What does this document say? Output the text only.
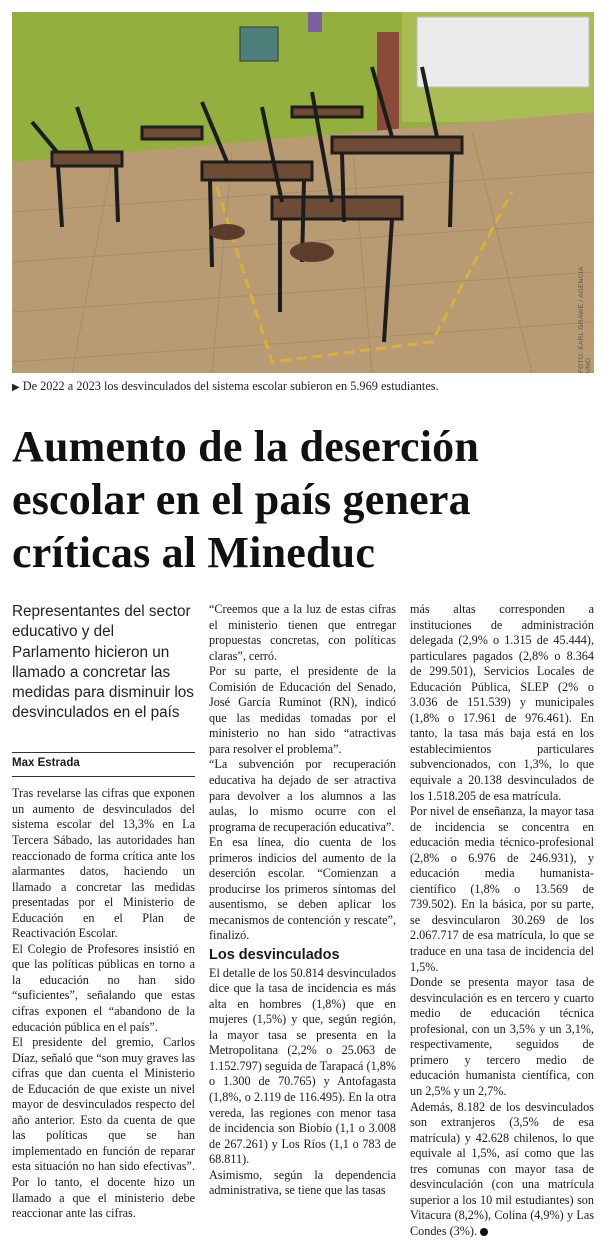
FOTO: KARL GRAWE / AGENCIA UNO
▶ De 2022 a 2023 los desvinculados del sistema escolar subieron en 5.969 estudiantes.
Aumento de la deserción escolar en el país genera críticas al Mineduc
Representantes del sector educativo y del Parlamento hicieron un llamado a concretar las medidas para disminuir los desvinculados en el país
Max Estrada

Tras revelarse las cifras que exponen un aumento de desvinculados del sistema escolar del 13,3% en La Tercera Sábado, las autoridades han reaccionado de forma crítica ante los alarmantes datos, haciendo un llamado a concretar las medidas presentadas por el Ministerio de Educación en el Plan de Reactivación Escolar.

El Colegio de Profesores insistió en que las políticas públicas en torno a la educación no han sido “suficientes”, señalando que estas cifras exponen el “abandono de la educación pública en el país”.

El presidente del gremio, Carlos Díaz, señaló que “son muy graves las cifras que dan cuenta el Ministerio de Educación de que existe un nivel mayor de desvinculados respecto del año anterior. Esto da cuenta de que las políticas que se han implementado en función de reparar esta situación no han sido efectivas”. Por lo tanto, el docente hizo un llamado a que el ministerio debe reaccionar ante las cifras.

“Creemos que a la luz de estas cifras el ministerio tienen que entregar propuestas concretas, con políticas claras”, cerró.

Por su parte, el presidente de la Comisión de Educación del Senado, José García Ruminot (RN), indicó que las medidas tomadas por el ministerio no han sido “atractivas para resolver el problema”.

“La subvención por recuperación educativa ha dejado de ser atractiva para devolver a los alumnos a las aulas, lo mismo ocurre con el programa de recuperación educativa”.

En esa línea, dio cuenta de los primeros indicios del aumento de la deserción escolar. “Comienzan a producirse los primeros síntomas del ausentismo, se deben aplicar los mecanismos de contención y rescate”, finalizó.

Los desvinculados

El detalle de los 50.814 desvinculados dice que la tasa de incidencia es más alta en hombres (1,8%) que en mujeres (1,5%) y que, según región, la mayor tasa se presenta en la Metropolitana (2,2% o 25.063 de 1.152.797) seguida de Tarapacá (1,8% o 1.300 de 70.765) y Antofagasta (1,8%, o 2.119 de 116.495). En la otra vereda, las regiones con menor tasa de incidencia son Biobío (1,1 o 3.008 de 267.261) y Los Ríos (1,1 o 783 de 68.811).

Asimismo, según la dependencia administrativa, se tiene que las tasas

más altas corresponden a instituciones de administración delegada (2,9% o 1.315 de 45.444), particulares pagados (2,8% o 8.364 de 299.501), Servicios Locales de Educación Pública, SLEP (2% o 3.036 de 151.539) y municipales (1,8% o 17.961 de 976.461). En tanto, la tasa más baja está en los establecimientos particulares subvencionados, con 1,3%, lo que equivale a 20.138 desvinculados de los 1.518.205 de esa matrícula.

Por nivel de enseñanza, la mayor tasa de incidencia se concentra en educación media técnico-profesional (2,8% o 6.976 de 246.931), y educación media humanista-científico (1,8% o 13.569 de 739.502). En la básica, por su parte, se desvincularon 30.269 de los 2.067.717 de esa matrícula, lo que se traduce en una tasa de incidencia del 1,5%.

Donde se presenta mayor tasa de desvinculación es en tercero y cuarto medio de educación técnica profesional, con un 3,5% y un 3,1%, respectivamente, seguidos de primero y tercero medio de educación humanista científica, con un 2,5% y un 2,7%.

Además, 8.182 de los desvinculados son extranjeros (3,5% de esa matrícula) y 42.628 chilenos, lo que equivale al 1,5%, así como que las tres comunas con mayor tasa de desvinculación (con una matrícula superior a los 10 mil estudiantes) son Vitacura (8,2%), Colina (4,9%) y Las Condes (3%).
